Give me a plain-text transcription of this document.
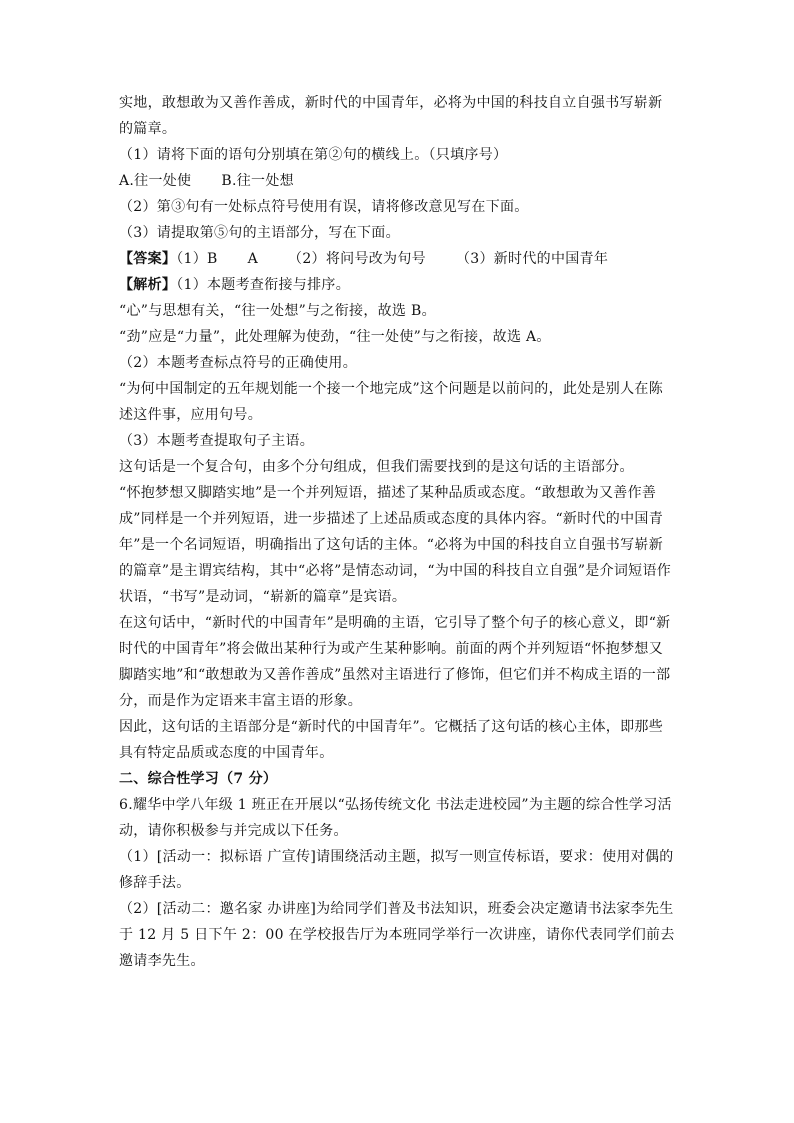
实地，敢想敢为又善作善成，新时代的中国青年，必将为中国的科技自立自强书写崭新的篇章。

（1）请将下面的语句分别填在第②句的横线上。（只填序号）

A.往一处使 B.往一处想

（2）第③句有一处标点符号使用有误，请将修改意见写在下面。

（3）请提取第⑤句的主语部分，写在下面。

【答案】（1）B A （2）将问号改为句号 （3）新时代的中国青年

【解析】（1）本题考查衔接与排序。

“心”与思想有关，“往一处想”与之衔接，故选 B。

“劲”应是“力量”，此处理解为使劲，“往一处使”与之衔接，故选 A。

（2）本题考查标点符号的正确使用。

“为何中国制定的五年规划能一个接一个地完成”这个问题是以前问的，此处是别人在陈述这件事，应用句号。

（3）本题考查提取句子主语。

这句话是一个复合句，由多个分句组成，但我们需要找到的是这句话的主语部分。

“怀抱梦想又脚踏实地”是一个并列短语，描述了某种品质或态度。“敢想敢为又善作善成”同样是一个并列短语，进一步描述了上述品质或态度的具体内容。“新时代的中国青年”是一个名词短语，明确指出了这句话的主体。“必将为中国的科技自立自强书写崭新的篇章”是主谓宾结构，其中“必将”是情态动词，“为中国的科技自立自强”是介词短语作状语，“书写”是动词，“崭新的篇章”是宾语。

在这句话中，“新时代的中国青年”是明确的主语，它引导了整个句子的核心意义，即“新时代的中国青年”将会做出某种行为或产生某种影响。前面的两个并列短语“怀抱梦想又脚踏实地”和“敢想敢为又善作善成”虽然对主语进行了修饰，但它们并不构成主语的一部分，而是作为定语来丰富主语的形象。

因此，这句话的主语部分是“新时代的中国青年”。它概括了这句话的核心主体，即那些具有特定品质或态度的中国青年。

二、综合性学习（7 分）

6.耀华中学八年级 1 班正在开展以“弘扬传统文化 书法走进校园”为主题的综合性学习活动，请你积极参与并完成以下任务。

（1）[活动一：拟标语 广宣传]请围绕活动主题，拟写一则宣传标语，要求：使用对偶的修辞手法。

（2）[活动二：邀名家 办讲座]为给同学们普及书法知识，班委会决定邀请书法家李先生于 12 月 5 日下午 2：00 在学校报告厅为本班同学举行一次讲座，请你代表同学们前去邀请李先生。
